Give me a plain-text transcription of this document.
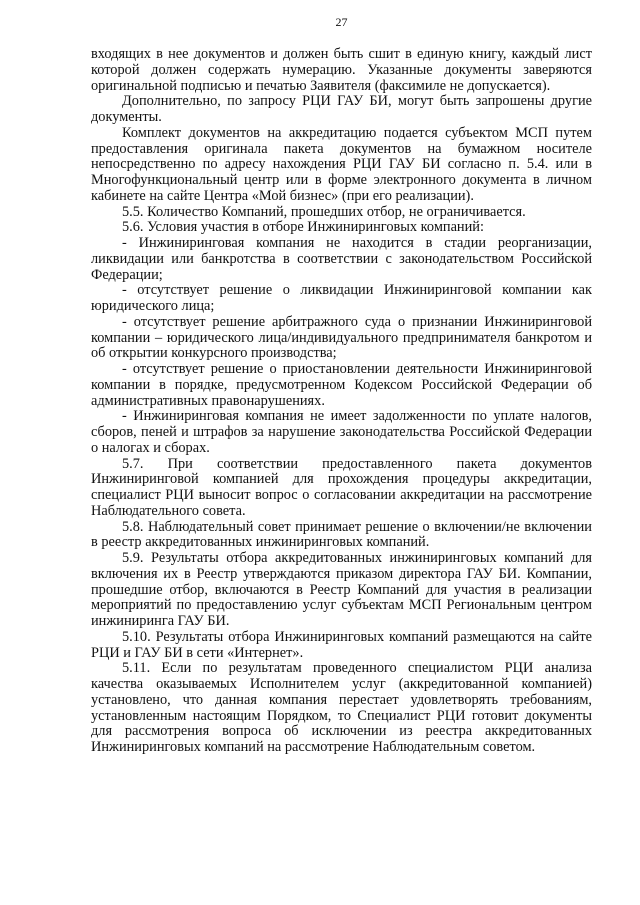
27

входящих в нее документов и должен быть сшит в единую книгу, каждый лист которой должен содержать нумерацию. Указанные документы заверяются оригинальной подписью и печатью Заявителя (факсимиле не допускается).

Дополнительно, по запросу РЦИ ГАУ БИ, могут быть запрошены другие документы.

Комплект документов на аккредитацию подается субъектом МСП путем предоставления оригинала пакета документов на бумажном носителе непосредственно по адресу нахождения РЦИ ГАУ БИ согласно п. 5.4. или в Многофункциональный центр или в форме электронного документа в личном кабинете на сайте Центра «Мой бизнес» (при его реализации).

5.5. Количество Компаний, прошедших отбор, не ограничивается.

5.6. Условия участия в отборе Инжиниринговых компаний:

- Инжиниринговая компания не находится в стадии реорганизации, ликвидации или банкротства в соответствии с законодательством Российской Федерации;

- отсутствует решение о ликвидации Инжиниринговой компании как юридического лица;

- отсутствует решение арбитражного суда о признании Инжиниринговой компании – юридического лица/индивидуального предпринимателя банкротом и об открытии конкурсного производства;

- отсутствует решение о приостановлении деятельности Инжиниринговой компании в порядке, предусмотренном Кодексом Российской Федерации об административных правонарушениях.

- Инжиниринговая компания не имеет задолженности по уплате налогов, сборов, пеней и штрафов за нарушение законодательства Российской Федерации о налогах и сборах.

5.7. При соответствии предоставленного пакета документов Инжиниринговой компанией для прохождения процедуры аккредитации, специалист РЦИ выносит вопрос о согласовании аккредитации на рассмотрение Наблюдательного совета.

5.8. Наблюдательный совет принимает решение о включении/не включении в реестр аккредитованных инжиниринговых компаний.

5.9. Результаты отбора аккредитованных инжиниринговых компаний для включения их в Реестр утверждаются приказом директора ГАУ БИ. Компании, прошедшие отбор, включаются в Реестр Компаний для участия в реализации мероприятий по предоставлению услуг субъектам МСП Региональным центром инжиниринга ГАУ БИ.

5.10. Результаты отбора Инжиниринговых компаний размещаются на сайте РЦИ и ГАУ БИ в сети «Интернет».

5.11. Если по результатам проведенного специалистом РЦИ анализа качества оказываемых Исполнителем услуг (аккредитованной компанией) установлено, что данная компания перестает удовлетворять требованиям, установленным настоящим Порядком, то Специалист РЦИ готовит документы для рассмотрения вопроса об исключении из реестра аккредитованных Инжиниринговых компаний на рассмотрение Наблюдательным советом.
